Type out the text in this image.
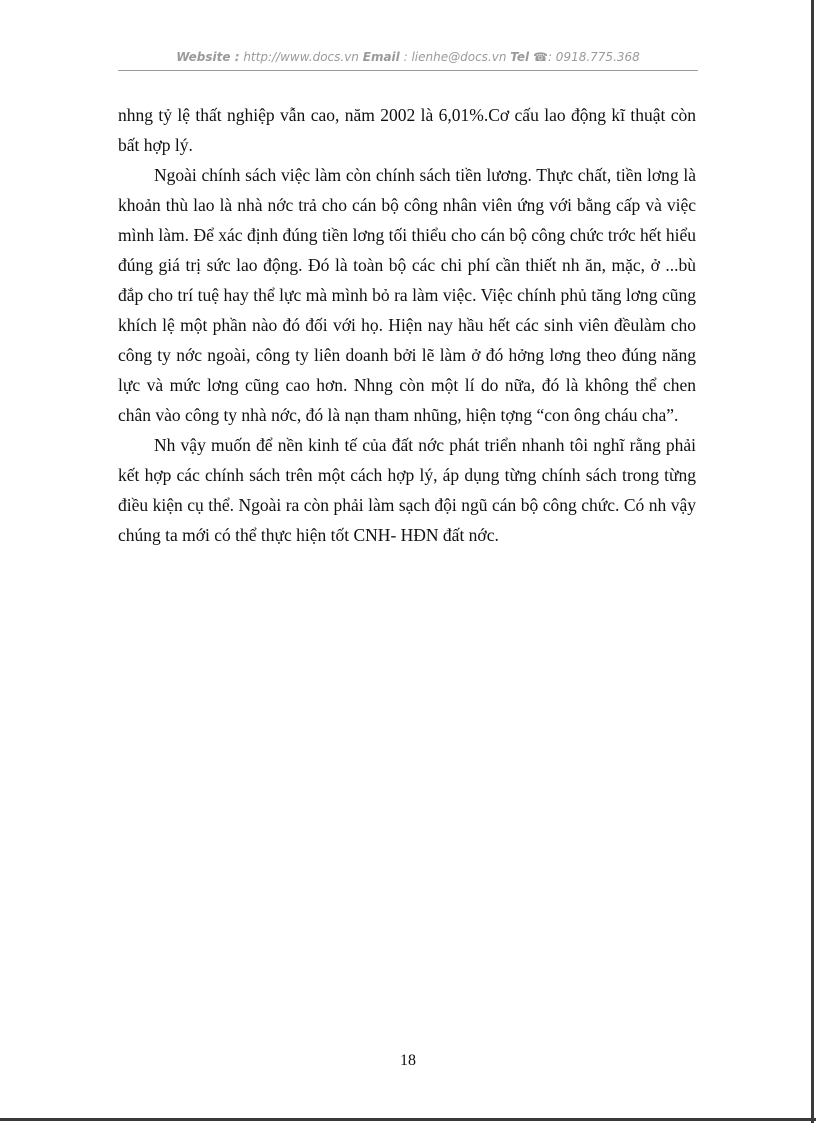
Website : http://www.docs.vn Email : lienhe@docs.vn Tel ☎: 0918.775.368

nhng tỷ lệ thất nghiệp vẫn cao, năm 2002 là 6,01%.Cơ cấu lao động kĩ thuật còn bất hợp lý.

Ngoài chính sách việc làm còn chính sách tiền lương. Thực chất, tiền lơng là khoản thù lao là nhà nớc trả cho cán bộ công nhân viên ứng với bằng cấp và việc mình làm. Để xác định đúng tiền lơng tối thiểu cho cán bộ công chức trớc hết hiểu đúng giá trị sức lao động. Đó là toàn bộ các chi phí cần thiết nh ăn, mặc, ở ...bù đắp cho trí tuệ hay thể lực mà mình bỏ ra làm việc. Việc chính phủ tăng lơng cũng khích lệ một phần nào đó đối với họ. Hiện nay hầu hết các sinh viên đềulàm cho công ty nớc ngoài, công ty liên doanh bởi lẽ làm ở đó hởng lơng theo đúng năng lực và mức lơng cũng cao hơn. Nhng còn một lí do nữa, đó là không thể chen chân vào công ty nhà nớc, đó là nạn tham nhũng, hiện tợng “con ông cháu cha”.

Nh vậy muốn để nền kinh tế của đất nớc phát triển nhanh tôi nghĩ rằng phải kết hợp các chính sách trên một cách hợp lý, áp dụng từng chính sách trong từng điều kiện cụ thể. Ngoài ra còn phải làm sạch đội ngũ cán bộ công chức. Có nh vậy chúng ta mới có thể thực hiện tốt CNH- HĐN đất nớc.

18
